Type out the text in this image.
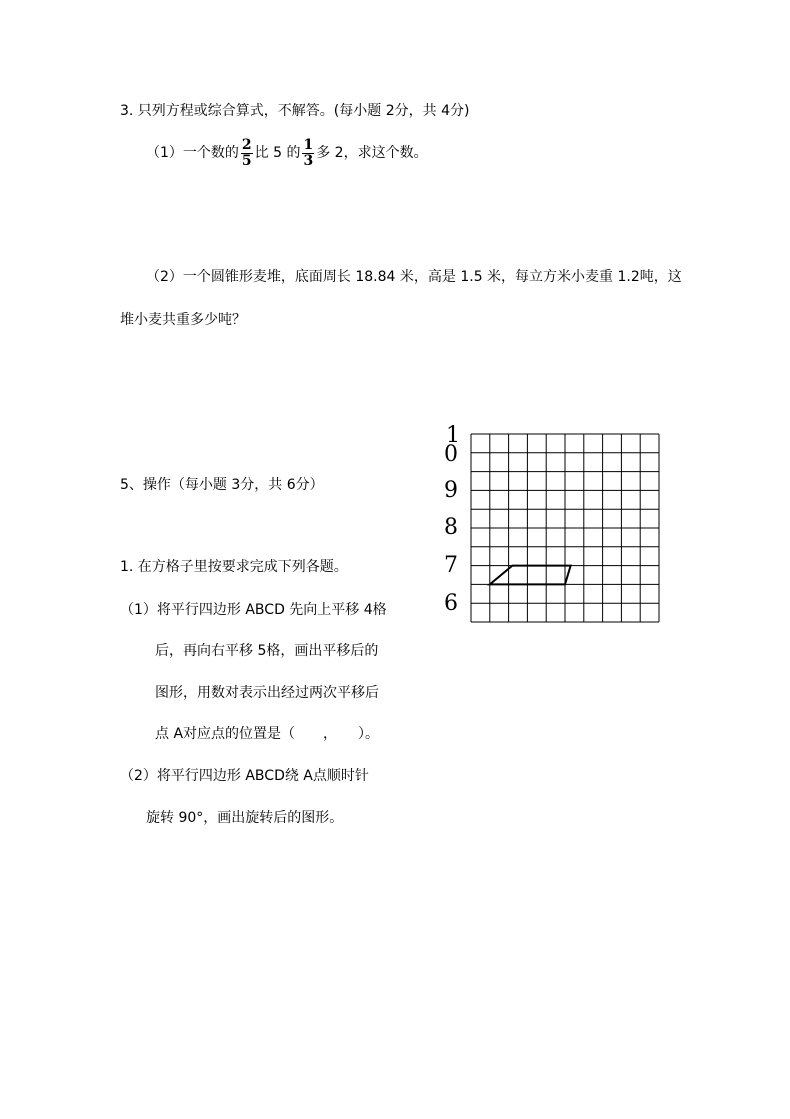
3. 只列方程或综合算式，不解答。(每小题 2分，共 4分)
（1）一个数的 $\frac{2}{5}$ 比 5 的 $\frac{1}{3}$ 多 2，求这个数。
（2）一个圆锥形麦堆，底面周长 18.84 米，高是 1.5 米，每立方米小麦重 1.2吨，这
堆小麦共重多少吨？
5、操作（每小题 3分，共 6分）
1. 在方格子里按要求完成下列各题。
（1）将平行四边形 ABCD 先向上平移 4格
后，再向右平移 5格，画出平移后的
图形，用数对表示出经过两次平移后
点 A对应点的位置是（　　，　　）。
（2）将平行四边形 ABCD绕 A点顺时针
旋转 90°，画出旋转后的图形。
1
0
9
8
7
6
